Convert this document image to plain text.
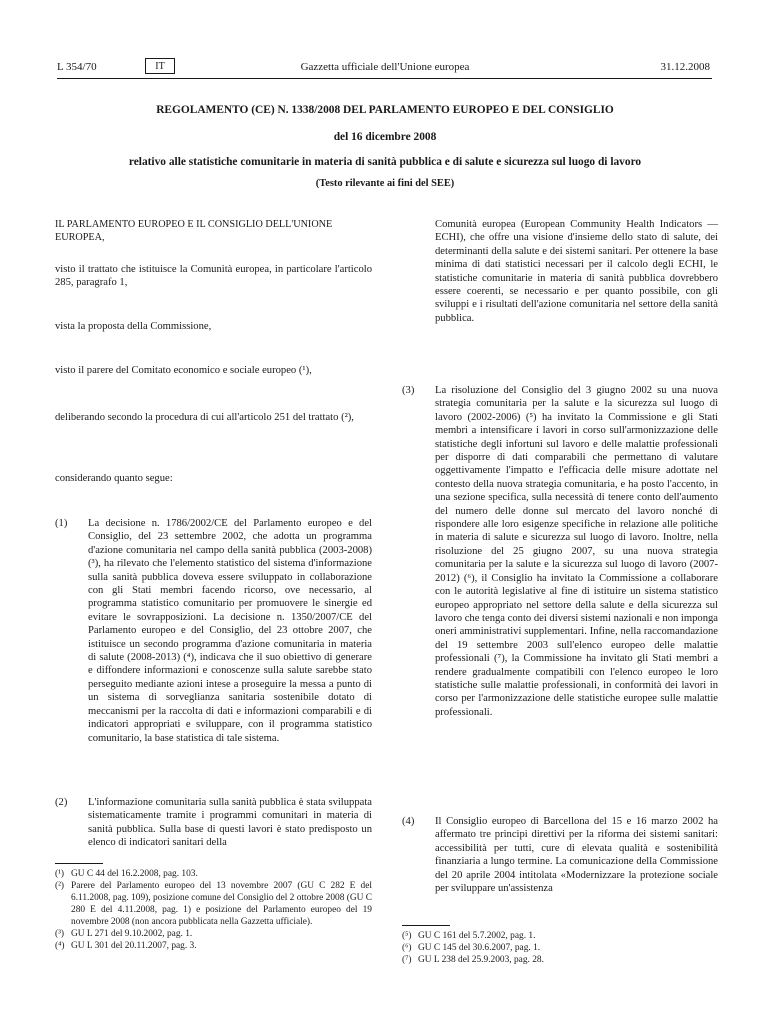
L 354/70	IT	Gazzetta ufficiale dell'Unione europea	31.12.2008
REGOLAMENTO (CE) N. 1338/2008 DEL PARLAMENTO EUROPEO E DEL CONSIGLIO
del 16 dicembre 2008
relativo alle statistiche comunitarie in materia di sanità pubblica e di salute e sicurezza sul luogo di lavoro
(Testo rilevante ai fini del SEE)
IL PARLAMENTO EUROPEO E IL CONSIGLIO DELL'UNIONE EUROPEA,
visto il trattato che istituisce la Comunità europea, in particolare l'articolo 285, paragrafo 1,
vista la proposta della Commissione,
visto il parere del Comitato economico e sociale europeo (¹),
deliberando secondo la procedura di cui all'articolo 251 del trattato (²),
considerando quanto segue:
(1)	La decisione n. 1786/2002/CE del Parlamento europeo e del Consiglio, del 23 settembre 2002, che adotta un programma d'azione comunitaria nel campo della sanità pubblica (2003-2008) (³), ha rilevato che l'elemento statistico del sistema d'informazione sulla sanità pubblica doveva essere sviluppato in collaborazione con gli Stati membri facendo ricorso, ove necessario, al programma statistico comunitario per promuovere le sinergie ed evitare le sovrapposizioni. La decisione n. 1350/2007/CE del Parlamento europeo e del Consiglio, del 23 ottobre 2007, che istituisce un secondo programma d'azione comunitaria in materia di salute (2008-2013) (⁴), indicava che il suo obiettivo di generare e diffondere informazioni e conoscenze sulla salute sarebbe stato perseguito mediante azioni intese a proseguire la messa a punto di un sistema di sorveglianza sanitaria sostenibile dotato di meccanismi per la raccolta di dati e informazioni comparabili e di indicatori appropriati e sviluppare, con il programma statistico comunitario, la base statistica di tale sistema.
(2)	L'informazione comunitaria sulla sanità pubblica è stata sviluppata sistematicamente tramite i programmi comunitari in materia di sanità pubblica. Sulla base di questi lavori è stato predisposto un elenco di indicatori sanitari della
(¹) GU C 44 del 16.2.2008, pag. 103.
(²) Parere del Parlamento europeo del 13 novembre 2007 (GU C 282 E del 6.11.2008, pag. 109), posizione comune del Consiglio del 2 ottobre 2008 (GU C 280 E del 4.11.2008, pag. 1) e posizione del Parlamento europeo del 19 novembre 2008 (non ancora pubblicata nella Gazzetta ufficiale).
(³) GU L 271 del 9.10.2002, pag. 1.
(⁴) GU L 301 del 20.11.2007, pag. 3.
Comunità europea (European Community Health Indicators — ECHI), che offre una visione d'insieme dello stato di salute, dei determinanti della salute e dei sistemi sanitari. Per ottenere la base minima di dati statistici necessari per il calcolo degli ECHI, le statistiche comunitarie in materia di sanità pubblica dovrebbero essere coerenti, se necessario e per quanto possibile, con gli sviluppi e i risultati dell'azione comunitaria nel settore della sanità pubblica.
(3)	La risoluzione del Consiglio del 3 giugno 2002 su una nuova strategia comunitaria per la salute e la sicurezza sul luogo di lavoro (2002-2006) (⁵) ha invitato la Commissione e gli Stati membri a intensificare i lavori in corso sull'armonizzazione delle statistiche degli infortuni sul lavoro e delle malattie professionali per disporre di dati comparabili che permettano di valutare oggettivamente l'impatto e l'efficacia delle misure adottate nel contesto della nuova strategia comunitaria, e ha posto l'accento, in una sezione specifica, sulla necessità di tenere conto dell'aumento del numero delle donne sul mercato del lavoro nonché di rispondere alle loro esigenze specifiche in relazione alle politiche in materia di salute e sicurezza sul luogo di lavoro. Inoltre, nella risoluzione del 25 giugno 2007, su una nuova strategia comunitaria per la salute e la sicurezza sul luogo di lavoro (2007-2012) (⁶), il Consiglio ha invitato la Commissione a collaborare con le autorità legislative al fine di istituire un sistema statistico europeo appropriato nel settore della salute e della sicurezza sul lavoro che tenga conto dei diversi sistemi nazionali e non imponga oneri amministrativi supplementari. Infine, nella raccomandazione del 19 settembre 2003 sull'elenco europeo delle malattie professionali (⁷), la Commissione ha invitato gli Stati membri a rendere gradualmente compatibili con l'elenco europeo le loro statistiche sulle malattie professionali, in conformità dei lavori in corso per l'armonizzazione delle statistiche europee sulle malattie professionali.
(4)	Il Consiglio europeo di Barcellona del 15 e 16 marzo 2002 ha affermato tre principi direttivi per la riforma dei sistemi sanitari: accessibilità per tutti, cure di elevata qualità e sostenibilità finanziaria a lungo termine. La comunicazione della Commissione del 20 aprile 2004 intitolata «Modernizzare la protezione sociale per sviluppare un'assistenza
(⁵) GU C 161 del 5.7.2002, pag. 1.
(⁶) GU C 145 del 30.6.2007, pag. 1.
(⁷) GU L 238 del 25.9.2003, pag. 28.
